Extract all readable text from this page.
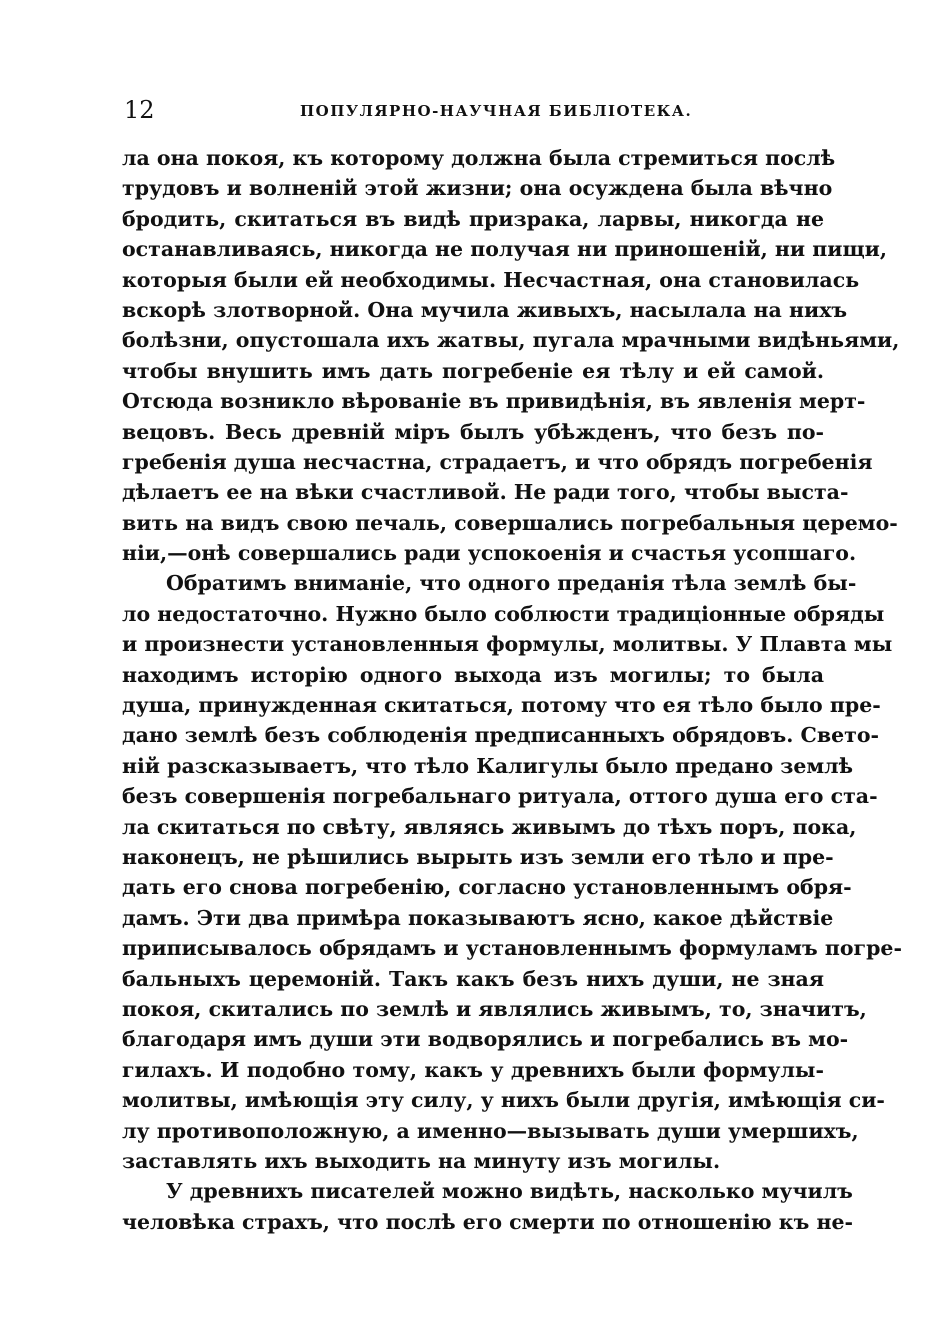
12	ПОПУЛЯРНО-НАУЧНАЯ БИБЛІОТЕКА.
ла она покоя, къ которому должна была стремиться послѣ
трудовъ и волненій этой жизни; она осуждена была вѣчно
бродить, скитаться въ видѣ призрака, ларвы, никогда не
останавливаясь, никогда не получая ни приношеній, ни пищи,
которыя были ей необходимы. Несчастная, она становилась
вскорѣ злотворной. Она мучила живыхъ, насылала на нихъ
болѣзни, опустошала ихъ жатвы, пугала мрачными видѣньями,
чтобы внушить имъ дать погребеніе ея тѣлу и ей самой.
Отсюда возникло вѣрованіе въ привидѣнія, въ явленія мерт-
вецовъ. Весь древній міръ былъ убѣжденъ, что безъ по-
гребенія душа несчастна, страдаетъ, и что обрядъ погребенія
дѣлаетъ ее на вѣки счастливой. Не ради того, чтобы выста-
вить на видъ свою печаль, совершались погребальныя церемо-
ніи,—онѣ совершались ради успокоенія и счастья усопшаго.
Обратимъ вниманіе, что одного преданія тѣла землѣ бы-
ло недостаточно. Нужно было соблюсти традиціонные обряды
и произнести установленныя формулы, молитвы. У Плавта мы
находимъ исторію одного выхода изъ могилы; то была
душа, принужденная скитаться, потому что ея тѣло было пре-
дано землѣ безъ соблюденія предписанныхъ обрядовъ. Свето-
ній разсказываетъ, что тѣло Калигулы было предано землѣ
безъ совершенія погребальнаго ритуала, оттого душа его ста-
ла скитаться по свѣту, являясь живымъ до тѣхъ поръ, пока,
наконецъ, не рѣшились вырыть изъ земли его тѣло и пре-
дать его снова погребенію, согласно установленнымъ обря-
дамъ. Эти два примѣра показываютъ ясно, какое дѣйствіе
приписывалось обрядамъ и установленнымъ формуламъ погре-
бальныхъ церемоній. Такъ какъ безъ нихъ души, не зная
покоя, скитались по землѣ и являлись живымъ, то, значитъ,
благодаря имъ души эти водворялись и погребались въ мо-
гилахъ. И подобно тому, какъ у древнихъ были формулы-
молитвы, имѣющія эту силу, у нихъ были другія, имѣющія си-
лу противоположную, а именно—вызывать души умершихъ,
заставлять ихъ выходить на минуту изъ могилы.
У древнихъ писателей можно видѣть, насколько мучилъ
человѣка страхъ, что послѣ его смерти по отношенію къ не-
